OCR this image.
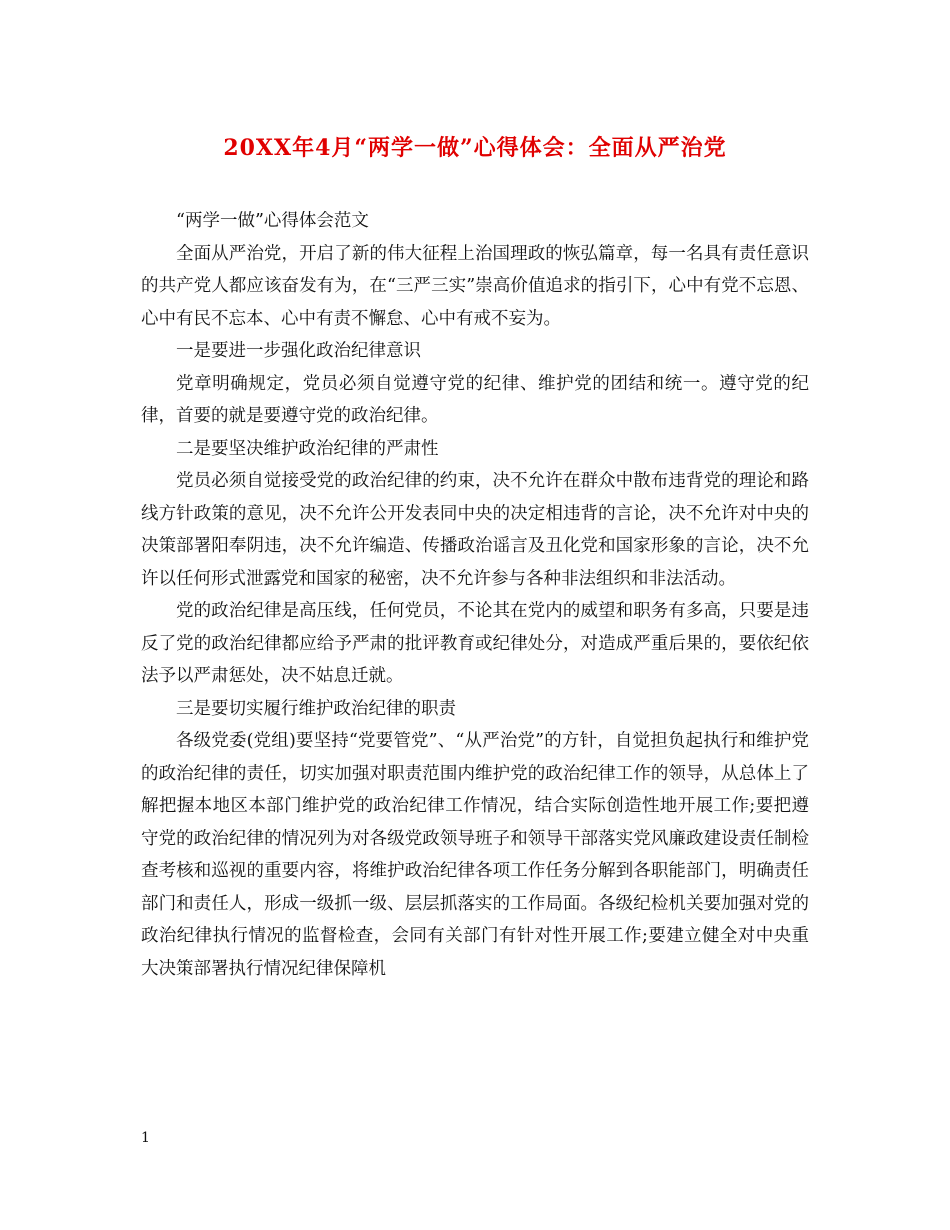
20XX年4月“两学一做”心得体会：全面从严治党

“两学一做”心得体会范文

全面从严治党，开启了新的伟大征程上治国理政的恢弘篇章，每一名具有责任意识的共产党人都应该奋发有为，在“三严三实”崇高价值追求的指引下，心中有党不忘恩、心中有民不忘本、心中有责不懈怠、心中有戒不妄为。

一是要进一步强化政治纪律意识

党章明确规定，党员必须自觉遵守党的纪律、维护党的团结和统一。遵守党的纪律，首要的就是要遵守党的政治纪律。

二是要坚决维护政治纪律的严肃性

党员必须自觉接受党的政治纪律的约束，决不允许在群众中散布违背党的理论和路线方针政策的意见，决不允许公开发表同中央的决定相违背的言论，决不允许对中央的决策部署阳奉阴违，决不允许编造、传播政治谣言及丑化党和国家形象的言论，决不允许以任何形式泄露党和国家的秘密，决不允许参与各种非法组织和非法活动。

党的政治纪律是高压线，任何党员，不论其在党内的威望和职务有多高，只要是违反了党的政治纪律都应给予严肃的批评教育或纪律处分，对造成严重后果的，要依纪依法予以严肃惩处，决不姑息迁就。

三是要切实履行维护政治纪律的职责

各级党委(党组)要坚持“党要管党”、“从严治党”的方针，自觉担负起执行和维护党的政治纪律的责任，切实加强对职责范围内维护党的政治纪律工作的领导，从总体上了解把握本地区本部门维护党的政治纪律工作情况，结合实际创造性地开展工作;要把遵守党的政治纪律的情况列为对各级党政领导班子和领导干部落实党风廉政建设责任制检查考核和巡视的重要内容，将维护政治纪律各项工作任务分解到各职能部门，明确责任部门和责任人，形成一级抓一级、层层抓落实的工作局面。各级纪检机关要加强对党的政治纪律执行情况的监督检查，会同有关部门有针对性开展工作;要建立健全对中央重大决策部署执行情况纪律保障机

1
